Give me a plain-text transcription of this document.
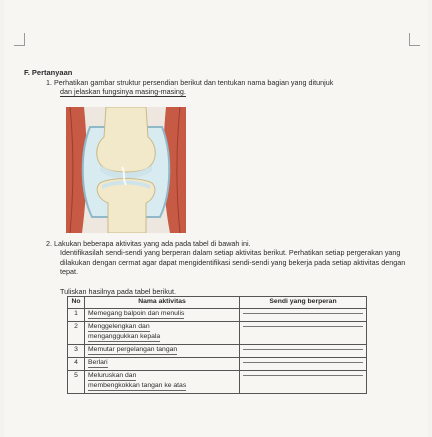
F. Pertanyaan
1. Perhatikan gambar struktur persendian berikut dan tentukan nama bagian yang ditunjuk
dan jelaskan fungsinya masing-masing.
2. Lakukan beberapa aktivitas yang ada pada tabel di bawah ini.
Identifikasilah sendi-sendi yang berperan dalam setiap aktivitas berikut. Perhatikan setiap pergerakan yang dilakukan dengan cermat agar dapat mengidentifikasi sendi-sendi yang bekerja pada setiap aktivitas dengan tepat.
Tuliskan hasilnya pada tabel berikut.
No	Nama aktivitas	Sendi yang berperan
1	Memegang balpoin dan menulis	

2	Menggelengkan dan
menganggukkan kepala	

3	Memutar pergelangan tangan	

4	Berlari	

5	Meluruskan dan
membengkokkan tangan ke atas	
